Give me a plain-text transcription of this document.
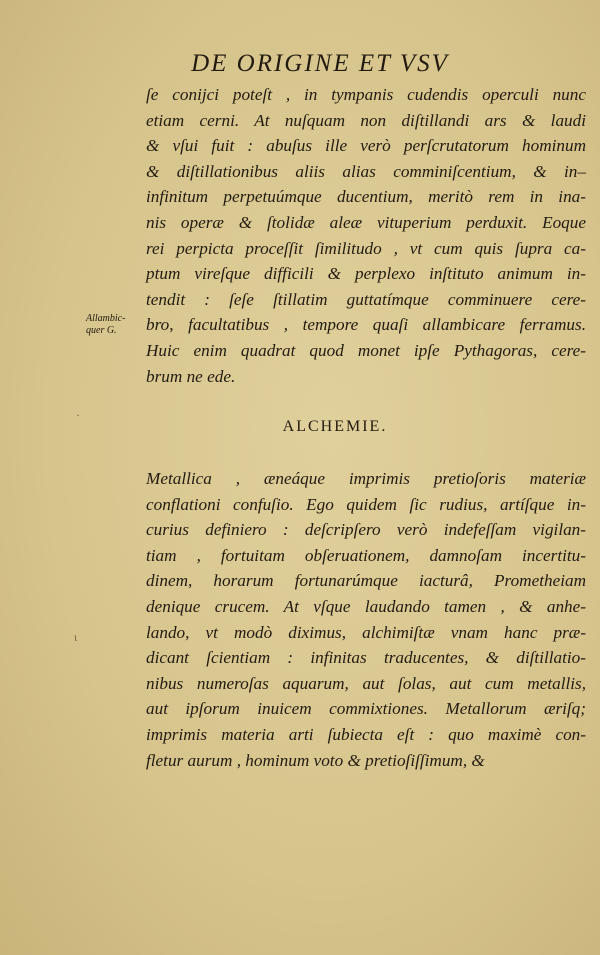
DE ORIGINE ET VSV
ſe conijci poteſt , in tympanis cudendis operculi nunc
etiam cerni. At nuſquam non diſtillandi ars & laudi
& vſui fuit : abuſus ille verò perſcrutatorum hominum
& diſtillationibus aliis alias comminiſcentium, & in–
infinitum perpetuúmque ducentium, meritò rem in ina-
nis operæ & ſtolidæ aleæ vituperium perduxit. Eoque
rei perpicta proceſſit ſimilitudo , vt cum quis ſupra ca-
ptum vireſque difficili & perplexo inſtituto animum in-
tendit : ſeſe ſtillatim guttatímque comminuere cere-
bro, facultatibus , tempore quaſi allambicare ferramus.
Huic enim quadrat quod monet ipſe Pythagoras, cere-
brum ne ede.
Allambic-
quer G.
ALCHEMIE.
Metallica , æneáque imprimis pretioſoris materiæ
conflationi confuſio. Ego quidem ſic rudius, artíſque in-
curius definiero : deſcripſero verò indefeſſam vigilan-
tiam , fortuitam obſeruationem, damnoſam incertitu-
dinem, horarum fortunarúmque iacturâ, Prometheiam
denique crucem. At vſque laudando tamen , & anhe-
lando, vt modò diximus, alchimiſtæ vnam hanc præ-
dicant ſcientiam : infinitas traducentes, & diſtillatio-
nibus numeroſas aquarum, aut ſolas, aut cum metallis,
aut ipſorum inuicem commixtiones. Metallorum æriſq;
imprimis materia arti ſubiecta eſt : quo maximè con-
fletur aurum , hominum voto & pretioſiſſimum, &
·
ɩ
